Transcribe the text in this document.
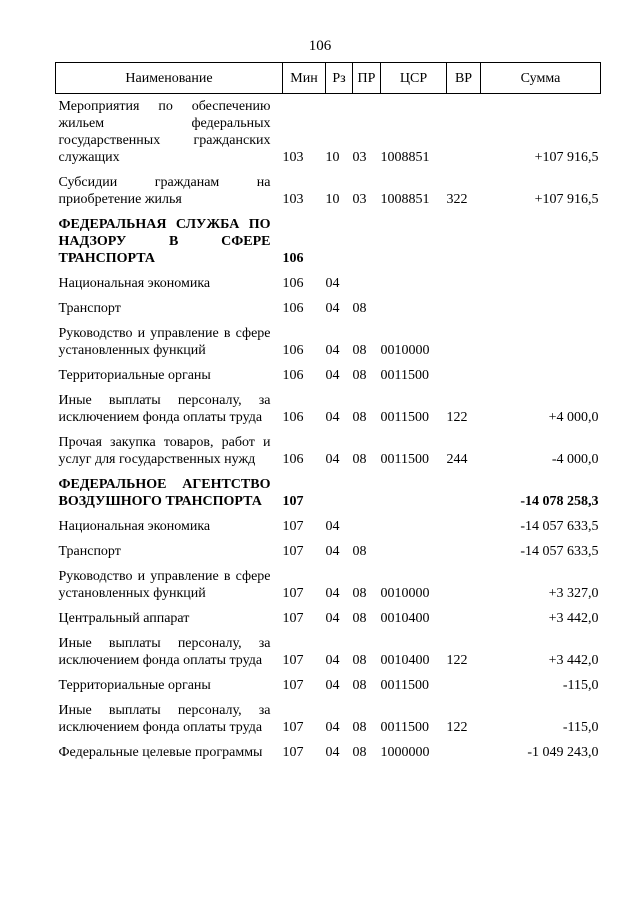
106
Наименование	Мин	Рз	ПР	ЦСР	ВР	Сумма
Мероприятия по обеспечению жильем федеральных государственных гражданских служащих	103	10	03	1008851		+107 916,5
Субсидии гражданам на приобретение жилья	103	10	03	1008851	322	+107 916,5
ФЕДЕРАЛЬНАЯ СЛУЖБА ПО НАДЗОРУ В СФЕРЕ ТРАНСПОРТА	106					
Национальная экономика	106	04				
Транспорт	106	04	08			
Руководство и управление в сфере установленных функций	106	04	08	0010000		
Территориальные органы	106	04	08	0011500		
Иные выплаты персоналу, за исключением фонда оплаты труда	106	04	08	0011500	122	+4 000,0
Прочая закупка товаров, работ и услуг для государственных нужд	106	04	08	0011500	244	-4 000,0
ФЕДЕРАЛЬНОЕ АГЕНТСТВО ВОЗДУШНОГО ТРАНСПОРТА	107					-14 078 258,3
Национальная экономика	107	04				-14 057 633,5
Транспорт	107	04	08			-14 057 633,5
Руководство и управление в сфере установленных функций	107	04	08	0010000		+3 327,0
Центральный аппарат	107	04	08	0010400		+3 442,0
Иные выплаты персоналу, за исключением фонда оплаты труда	107	04	08	0010400	122	+3 442,0
Территориальные органы	107	04	08	0011500		-115,0
Иные выплаты персоналу, за исключением фонда оплаты труда	107	04	08	0011500	122	-115,0
Федеральные целевые программы	107	04	08	1000000		-1 049 243,0
